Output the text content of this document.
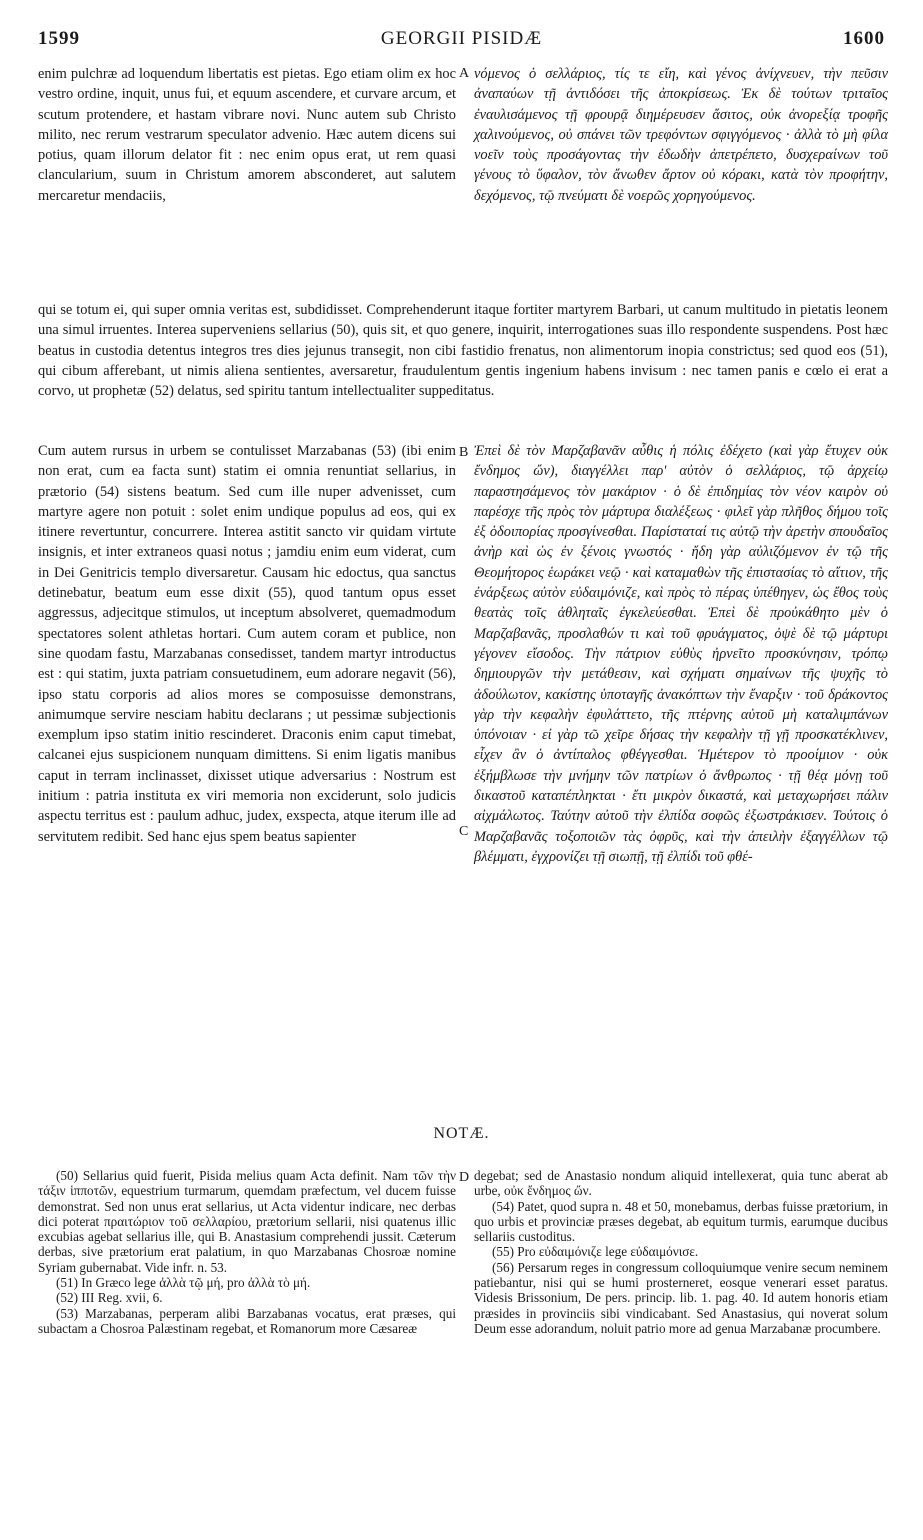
1599	GEORGII PISIDÆ	1600
enim pulchræ ad loquendum libertatis est pietas. Ego etiam olim ex hoc vestro ordine, inquit, unus fui, et equum ascendere, et curvare arcum, et scutum protendere, et hastam vibrare novi. Nunc autem sub Christo milito, nec rerum vestrarum speculator advenio. Hæc autem dicens sui potius, quam illorum delator fit : nec enim opus erat, ut rem quasi clancularium, suum in Christum amorem absconderet, aut salutem mercaretur mendaciis,
A νόμενος ὁ σελλάριος, τίς τε εἴη, καὶ γένος ἀνίχνευεν, τὴν πεῦσιν ἀναπαύων τῇ ἀντιδόσει τῆς ἀποκρίσεως. Ἐκ δὲ τούτων τριταῖος ἐναυλισάμενος τῇ φρουρᾷ διημέρευσεν ἄσιτος, οὐκ ἀνορεξίᾳ τροφῆς χαλινούμενος, οὐ σπάνει τῶν τρεφόντων σφιγγόμενος · ἀλλὰ τὸ μὴ φίλα νοεῖν τοὺς προσάγοντας τὴν ἐδωδὴν ἀπετρέπετο, δυσχεραίνων τοῦ γένους τὸ ὕφαλον, τὸν ἄνωθεν ἄρτον οὐ κόρακι, κατὰ τὸν προφήτην, δεχόμενος, τῷ πνεύματι δὲ νοερῶς χορηγούμενος.
qui se totum ei, qui super omnia veritas est, subdidisset. Comprehenderunt itaque fortiter martyrem Barbari, ut canum multitudo in pietatis leonem una simul irruentes. Interea superveniens sellarius (50), quis sit, et quo genere, inquirit, interrogationes suas illo respondente suspendens. Post hæc beatus in custodia detentus integros tres dies jejunus transegit, non cibi fastidio frenatus, non alimentorum inopia constrictus; sed quod eos (51), qui cibum afferebant, ut nimis aliena sentientes, aversaretur, fraudulentum gentis ingenium habens invisum : nec tamen panis e cœlo ei erat a corvo, ut prophetæ (52) delatus, sed spiritu tantum intellectualiter suppeditatus.
Cum autem rursus in urbem se contulisset Marzabanas (53) (ibi enim non erat, cum ea facta sunt) statim ei omnia renuntiat sellarius, in prætorio (54) sistens beatum. Sed cum ille nuper advenisset, cum martyre agere non potuit : solet enim undique populus ad eos, qui ex itinere revertuntur, concurrere. Interea astitit sancto vir quidam virtute insignis, et inter extraneos quasi notus ; jamdiu enim eum viderat, cum in Dei Genitricis templo diversaretur. Causam hic edoctus, qua sanctus detinebatur, beatum eum esse dixit (55), quod tantum opus esset aggressus, adjecitque stimulos, ut inceptum absolveret, quemadmodum spectatores solent athletas hortari. Cum autem coram et publice, non sine quodam fastu, Marzabanas consedisset, tandem martyr introductus est : qui statim, juxta patriam consuetudinem, eum adorare negavit (56), ipso statu corporis ad alios mores se composuisse demonstrans, animumque servire nesciam habitu declarans ; ut pessimæ subjectionis exemplum ipso statim initio rescinderet. Draconis enim caput timebat, calcanei ejus suspicionem nunquam dimittens. Si enim ligatis manibus caput in terram inclinasset, dixisset utique adversarius : Nostrum est initium : patria instituta ex viri memoria non exciderunt, solo judicis aspectu territus est : paulum adhuc, judex, exspecta, atque iterum ille ad servitutem redibit. Sed hanc ejus spem beatus sapienter
B
C
Ἐπεὶ δὲ τὸν Μαρζαβανᾶν αὖθις ἡ πόλις ἐδέχετο (καὶ γὰρ ἔτυχεν οὐκ ἔνδημος ὤν), διαγγέλλει παρ' αὐτὸν ὁ σελλάριος, τῷ ἀρχείῳ παραστησάμενος τὸν μακάριον · ὁ δὲ ἐπιδημίας τὸν νέον καιρὸν οὐ παρέσχε τῆς πρὸς τὸν μάρτυρα διαλέξεως · φιλεῖ γὰρ πλῆθος δήμου τοῖς ἐξ ὁδοιπορίας προσγίνεσθαι. Παρίσταταί τις αὐτῷ τὴν ἀρετὴν σπουδαῖος ἀνὴρ καὶ ὡς ἐν ξένοις γνωστός · ἤδη γὰρ αὐλιζόμενον ἐν τῷ τῆς Θεομήτορος ἑωράκει νεῷ · καὶ καταμαθὼν τῆς ἐπιστασίας τὸ αἴτιον, τῆς ἐνάρξεως αὐτὸν εὐδαιμόνιζε, καὶ πρὸς τὸ πέρας ὑπέθηγεν, ὡς ἔθος τοὺς θεατὰς τοῖς ἀθληταῖς ἐγκελεύεσθαι. Ἐπεὶ δὲ προὐκάθητο μὲν ὁ Μαρζαβανᾶς, προσλαθών τι καὶ τοῦ φρυάγματος, ὀψὲ δὲ τῷ μάρτυρι γέγονεν εἴσοδος. Τὴν πάτριον εὐθὺς ἠρνεῖτο προσκύνησιν, τρόπῳ δημιουργῶν τὴν μετάθεσιν, καὶ σχήματι σημαίνων τῆς ψυχῆς τὸ ἀδούλωτον, κακίστης ὑποταγῆς ἀνακόπτων τὴν ἔναρξιν · τοῦ δράκοντος γὰρ τὴν κεφαλὴν ἐφυλάττετο, τῆς πτέρνης αὐτοῦ μὴ καταλιμπάνων ὑπόνοιαν · εἰ γὰρ τῶ χεῖρε δήσας τὴν κεφαλὴν τῇ γῇ προσκατέκλινεν, εἶχεν ἂν ὁ ἀντίπαλος φθέγγεσθαι. Ἡμέτερον τὸ προοίμιον · οὐκ ἐξήμβλωσε τὴν μνήμην τῶν πατρίων ὁ ἄνθρωπος · τῇ θέᾳ μόνῃ τοῦ δικαστοῦ καταπέπληκται · ἔτι μικρὸν δικαστά, καὶ μεταχωρήσει πάλιν αἰχμάλωτος. Ταύτην αὐτοῦ τὴν ἐλπίδα σοφῶς ἐξωστράκισεν. Τούτοις ὁ Μαρζαβανᾶς τοξοποιῶν τὰς ὀφρῦς, καὶ τὴν ἀπειλὴν ἐξαγγέλλων τῷ βλέμματι, ἐγχρονίζει τῇ σιωπῇ, τῇ ἐλπίδι τοῦ φθέ-
NOTÆ.

(50) Sellarius quid fuerit, Pisida melius quam Acta definit. Nam τῶν τὴν τάξιν ἱπποτῶν, equestrium turmarum, quemdam præfectum, vel ducem fuisse demonstrat. Sed non unus erat sellarius, ut Acta videntur indicare, nec derbas dici poterat πραιτώριον τοῦ σελλαρίου, prætorium sellarii, nisi quatenus illic excubias agebat sellarius ille, qui B. Anastasium comprehendi jussit. Cæterum derbas, sive prætorium erat palatium, in quo Marzabanas Chosroæ nomine Syriam gubernabat. Vide infr. n. 53.

(51) In Græco lege ἀλλὰ τῷ μή, pro ἀλλὰ τὸ μή.

(52) III Reg. xvii, 6.

(53) Marzabanas, perperam alibi Barzabanas vocatus, erat præses, qui subactam a Chosroa Palæstinam regebat, et Romanorum more Cæsareæ

D degebat; sed de Anastasio nondum aliquid intellexerat, quia tunc aberat ab urbe, οὐκ ἔνδημος ὤν.

(54) Patet, quod supra n. 48 et 50, monebamus, derbas fuisse prætorium, in quo urbis et provinciæ præses degebat, ab equitum turmis, earumque ducibus sellariis custoditus.

(55) Pro εὐδαιμόνιζε lege εὐδαιμόνισε.

(56) Persarum reges in congressum colloquiumque venire secum neminem patiebantur, nisi qui se humi prosterneret, eosque venerari esset paratus. Videsis Brissonium, De pers. princip. lib. 1. pag. 40. Id autem honoris etiam præsides in provinciis sibi vindicabant. Sed Anastasius, qui noverat solum Deum esse adorandum, noluit patrio more ad genua Marzabanæ procumbere.
